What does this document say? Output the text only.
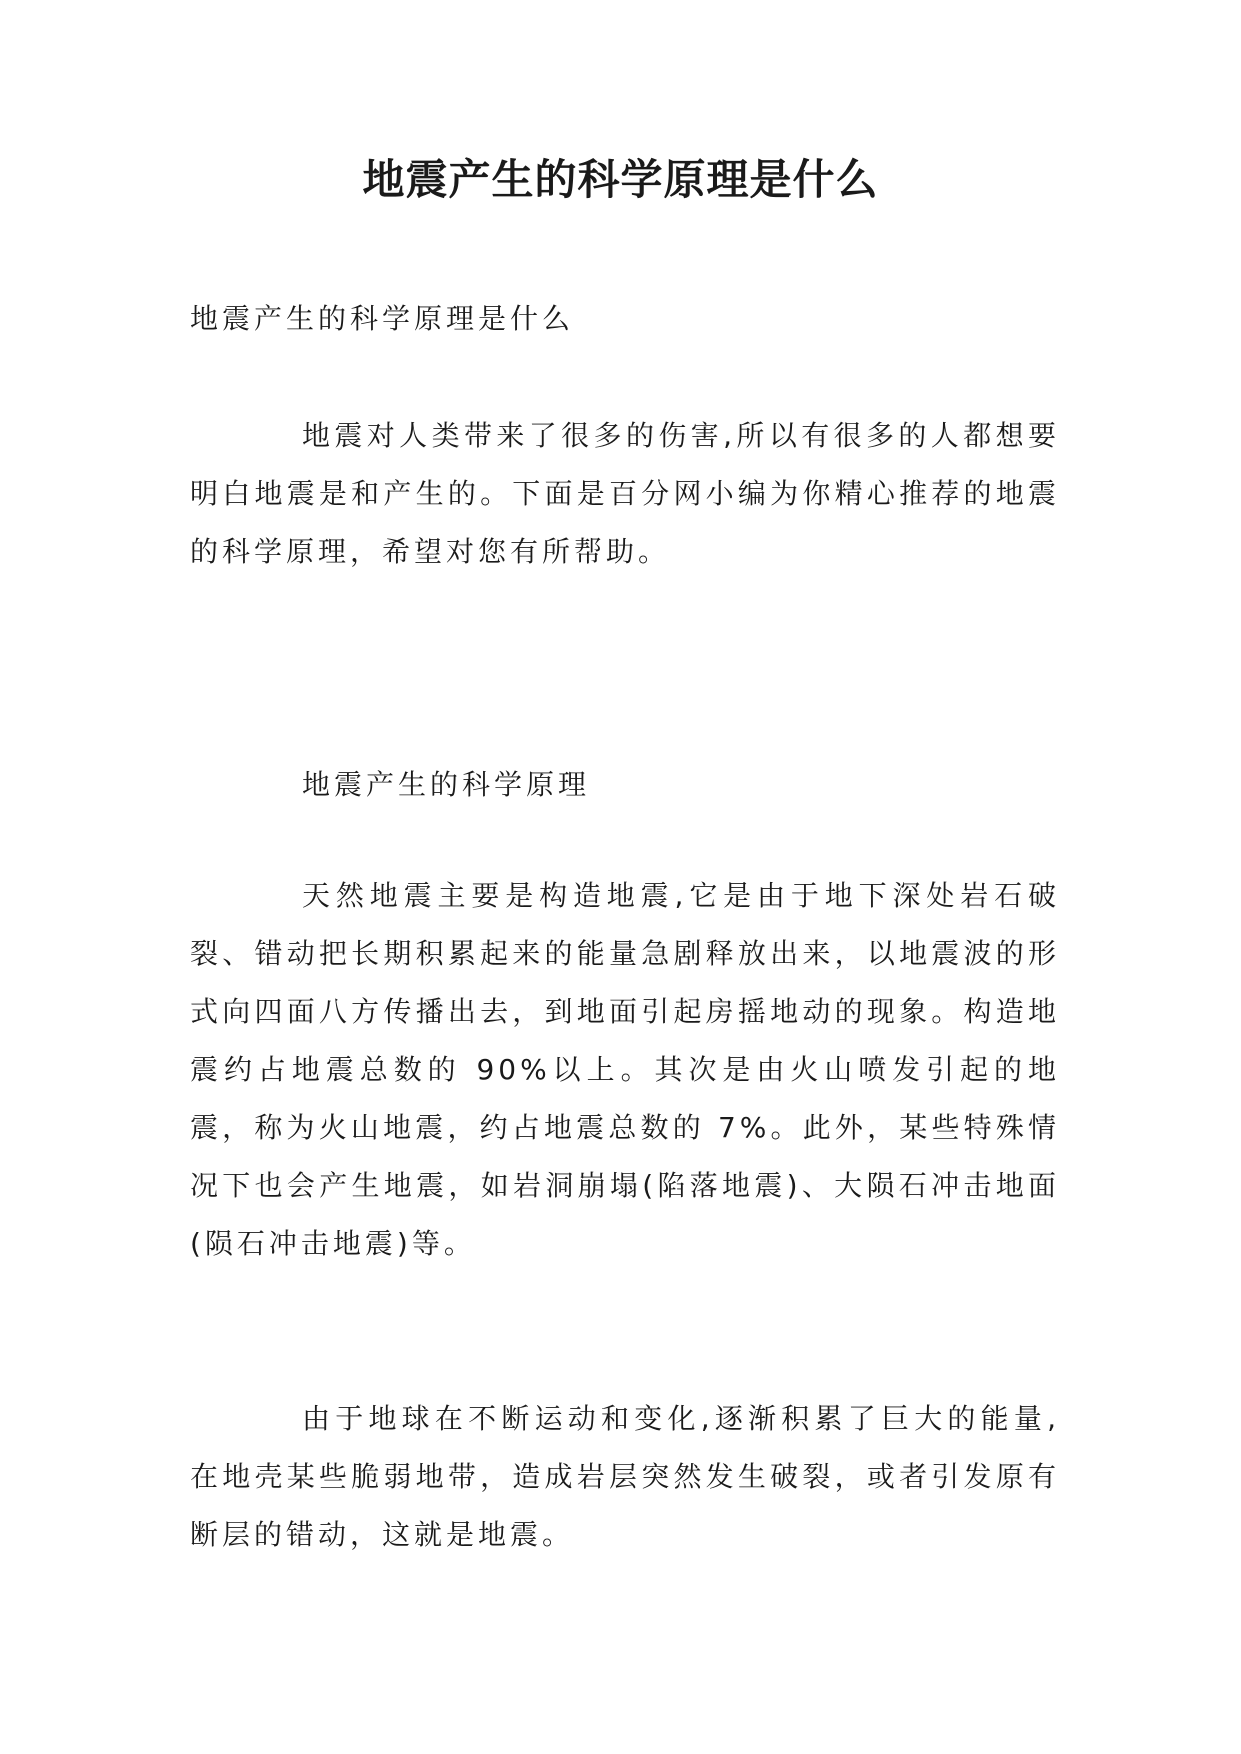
地震产生的科学原理是什么

地震产生的科学原理是什么

地震对人类带来了很多的伤害,所以有很多的人都想要明白地震是和产生的。下面是百分网小编为你精心推荐的地震的科学原理，希望对您有所帮助。

地震产生的科学原理

天然地震主要是构造地震,它是由于地下深处岩石破裂、错动把长期积累起来的能量急剧释放出来，以地震波的形式向四面八方传播出去，到地面引起房摇地动的现象。构造地震约占地震总数的 90%以上。其次是由火山喷发引起的地震，称为火山地震，约占地震总数的 7%。此外，某些特殊情况下也会产生地震，如岩洞崩塌(陷落地震)、大陨石冲击地面(陨石冲击地震)等。

由于地球在不断运动和变化,逐渐积累了巨大的能量,在地壳某些脆弱地带，造成岩层突然发生破裂，或者引发原有断层的错动，这就是地震。
